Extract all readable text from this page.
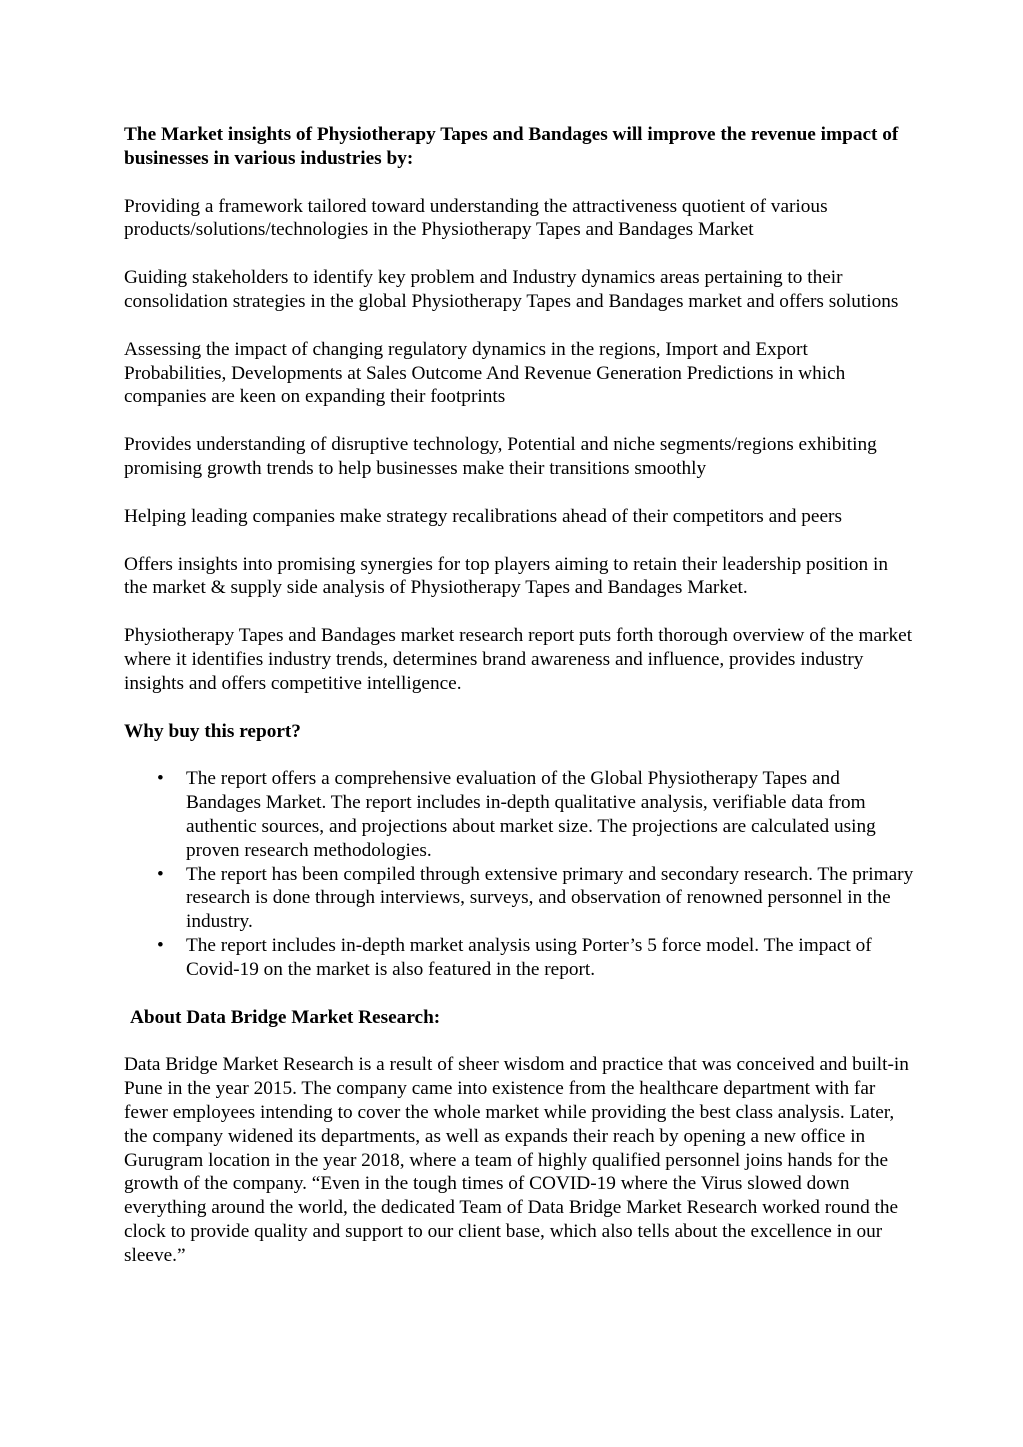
The Market insights of Physiotherapy Tapes and Bandages will improve the revenue impact of businesses in various industries by:

Providing a framework tailored toward understanding the attractiveness quotient of various products/solutions/technologies in the Physiotherapy Tapes and Bandages Market

Guiding stakeholders to identify key problem and Industry dynamics areas pertaining to their consolidation strategies in the global Physiotherapy Tapes and Bandages market and offers solutions

Assessing the impact of changing regulatory dynamics in the regions, Import and Export Probabilities, Developments at Sales Outcome And Revenue Generation Predictions in which companies are keen on expanding their footprints

Provides understanding of disruptive technology, Potential and niche segments/regions exhibiting promising growth trends to help businesses make their transitions smoothly

Helping leading companies make strategy recalibrations ahead of their competitors and peers

Offers insights into promising synergies for top players aiming to retain their leadership position in the market & supply side analysis of Physiotherapy Tapes and Bandages Market.

Physiotherapy Tapes and Bandages market research report puts forth thorough overview of the market where it identifies industry trends, determines brand awareness and influence, provides industry insights and offers competitive intelligence.

Why buy this report?

• The report offers a comprehensive evaluation of the Global Physiotherapy Tapes and Bandages Market. The report includes in-depth qualitative analysis, verifiable data from authentic sources, and projections about market size. The projections are calculated using proven research methodologies.
• The report has been compiled through extensive primary and secondary research. The primary research is done through interviews, surveys, and observation of renowned personnel in the industry.
• The report includes in-depth market analysis using Porter’s 5 force model. The impact of Covid-19 on the market is also featured in the report.

About Data Bridge Market Research:

Data Bridge Market Research is a result of sheer wisdom and practice that was conceived and built-in Pune in the year 2015. The company came into existence from the healthcare department with far fewer employees intending to cover the whole market while providing the best class analysis. Later, the company widened its departments, as well as expands their reach by opening a new office in Gurugram location in the year 2018, where a team of highly qualified personnel joins hands for the growth of the company. “Even in the tough times of COVID-19 where the Virus slowed down everything around the world, the dedicated Team of Data Bridge Market Research worked round the clock to provide quality and support to our client base, which also tells about the excellence in our sleeve.”
